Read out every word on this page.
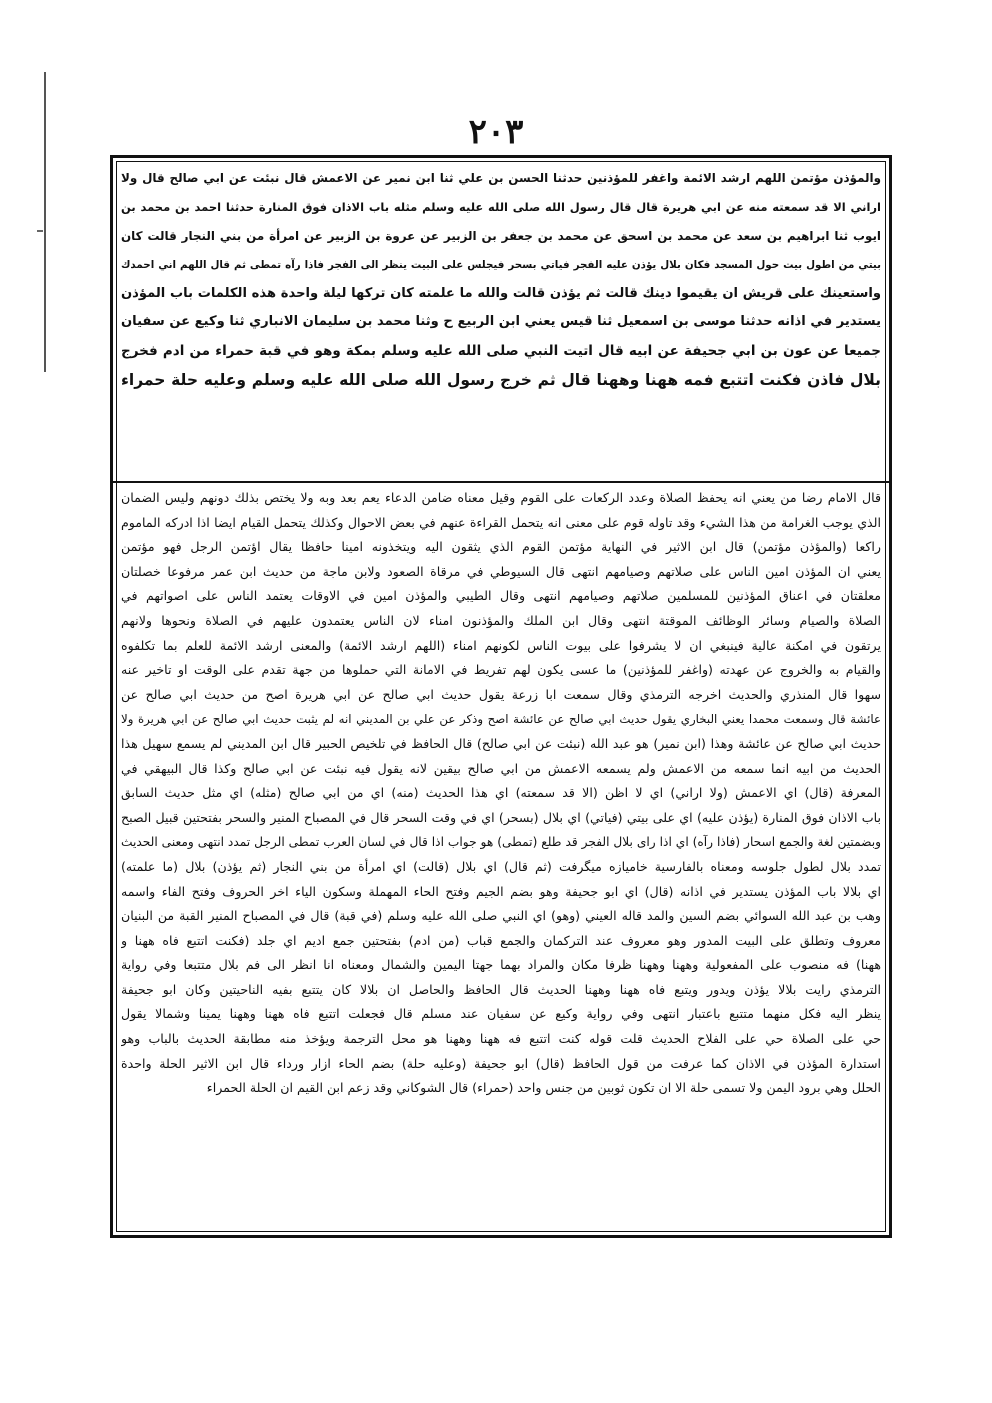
۲۰۳
والمؤذن مؤتمن اللهم ارشد الائمة واغفر للمؤذنين حدثنا الحسن بن علي ثنا ابن نمير عن الاعمش قال نبئت عن ابي صالح قال ولا
اراني الا قد سمعته منه عن ابي هريرة قال قال رسول الله صلى الله عليه وسلم مثله باب الاذان فوق المنارة حدثنا احمد بن محمد بن
ايوب ثنا ابراهيم بن سعد عن محمد بن اسحق عن محمد بن جعفر بن الزبير عن عروة بن الزبير عن امرأة من بني النجار قالت كان
بيتي من اطول بيت حول المسجد فكان بلال يؤذن عليه الفجر فياتي بسحر فيجلس على البيت ينظر الى الفجر فاذا رآه تمطى ثم قال اللهم اني احمدك
واستعينك على قريش ان يقيموا دينك قالت ثم يؤذن قالت والله ما علمته كان تركها ليلة واحدة هذه الكلمات باب المؤذن
يستدير في اذانه حدثنا موسى بن اسمعيل ثنا قيس يعني ابن الربيع ح وثنا محمد بن سليمان الانباري ثنا وكيع عن سفيان
جميعا عن عون بن ابي جحيفة عن ابيه قال اتيت النبي صلى الله عليه وسلم بمكة وهو في قبة حمراء من ادم فخرج
بلال فاذن فكنت اتتبع فمه ههنا وههنا قال ثم خرج رسول الله صلى الله عليه وسلم وعليه حلة حمراء
قال الامام رضا من يعني انه يحفظ الصلاة وعدد الركعات على القوم وقيل معناه ضامن الدعاء يعم بعد وبه ولا يختص بذلك دونهم وليس الضمان
الذي يوجب الغرامة من هذا الشيء وقد تاوله قوم على معنى انه يتحمل القراءة عنهم في بعض الاحوال وكذلك يتحمل القيام ايضا اذا ادركه الماموم
راكعا (والمؤذن مؤتمن) قال ابن الاثير في النهاية مؤتمن القوم الذي يثقون اليه ويتخذونه امينا حافظا يقال اؤتمن الرجل فهو مؤتمن
يعني ان المؤذن امين الناس على صلاتهم وصيامهم انتهى قال السيوطي في مرقاة الصعود ولابن ماجة من حديث ابن عمر مرفوعا خصلتان
معلقتان في اعناق المؤذنين للمسلمين صلاتهم وصيامهم انتهى وقال الطيبي والمؤذن امين في الاوقات يعتمد الناس على اصواتهم في
الصلاة والصيام وسائر الوظائف الموقتة انتهى وقال ابن الملك والمؤذنون امناء لان الناس يعتمدون عليهم في الصلاة ونحوها ولانهم
يرتقون في امكنة عالية فينبغي ان لا يشرفوا على بيوت الناس لكونهم امناء (اللهم ارشد الائمة) والمعنى ارشد الائمة للعلم بما تكلفوه
والقيام به والخروج عن عهدته (واغفر للمؤذنين) ما عسى يكون لهم تفريط في الامانة التي حملوها من جهة تقدم على الوقت او تاخير عنه
سهوا قال المنذري والحديث اخرجه الترمذي وقال سمعت ابا زرعة يقول حديث ابي صالح عن ابي هريرة اصح من حديث ابي صالح عن
عائشة قال وسمعت محمدا يعني البخاري يقول حديث ابي صالح عن عائشة اصح وذكر عن علي بن المديني انه لم يثبت حديث ابي صالح عن ابي هريرة ولا
حديث ابي صالح عن عائشة وهذا (ابن نمير) هو عبد الله (نبئت عن ابي صالح) قال الحافظ في تلخيص الحبير قال ابن المديني لم يسمع سهيل هذا
الحديث من ابيه انما سمعه من الاعمش ولم يسمعه الاعمش من ابي صالح بيقين لانه يقول فيه نبئت عن ابي صالح وكذا قال البيهقي في
المعرفة (قال) اي الاعمش (ولا اراني) اي لا اظن (الا قد سمعته) اي هذا الحديث (منه) اي من ابي صالح (مثله) اي مثل حديث السابق
باب الاذان فوق المنارة (يؤذن عليه) اي على بيتي (فياتي) اي بلال (بسحر) اي في وقت السحر قال في المصباح المنير والسحر بفتحتين قبيل الصبح
وبضمتين لغة والجمع اسحار (فاذا رآه) اي اذا راى بلال الفجر قد طلع (تمطى) هو جواب اذا قال في لسان العرب تمطى الرجل تمدد انتهى ومعنى الحديث
تمدد بلال لطول جلوسه ومعناه بالفارسية خاميازه ميگرفت (ثم قال) اي بلال (قالت) اي امرأة من بني النجار (ثم يؤذن) بلال (ما علمته)
اي بلالا باب المؤذن يستدير في اذانه (قال) اي ابو جحيفة وهو بضم الجيم وفتح الحاء المهملة وسكون الياء اخر الحروف وفتح الفاء واسمه
وهب بن عبد الله السوائي بضم السين والمد قاله العيني (وهو) اي النبي صلى الله عليه وسلم (في قبة) قال في المصباح المنير القبة من البنيان
معروف وتطلق على البيت المدور وهو معروف عند التركمان والجمع قباب (من ادم) بفتحتين جمع اديم اي جلد (فكنت اتتبع فاه ههنا و
ههنا) فه منصوب على المفعولية وههنا وههنا ظرفا مكان والمراد بهما جهتا اليمين والشمال ومعناه انا انظر الى فم بلال متتبعا وفي رواية
الترمذي رايت بلالا يؤذن ويدور ويتبع فاه ههنا وههنا الحديث قال الحافظ والحاصل ان بلالا كان يتتبع بفيه الناحيتين وكان ابو جحيفة
ينظر اليه فكل منهما متتبع باعتبار انتهى وفي رواية وكيع عن سفيان عند مسلم قال فجعلت اتتبع فاه ههنا وههنا يمينا وشمالا يقول
حي على الصلاة حي على الفلاح الحديث قلت قوله كنت اتتبع فه ههنا وههنا هو محل الترجمة ويؤخذ منه مطابقة الحديث بالباب وهو
استدارة المؤذن في الاذان كما عرفت من قول الحافظ (قال) ابو جحيفة (وعليه حلة) بضم الحاء ازار ورداء قال ابن الاثير الحلة واحدة
الحلل وهي برود اليمن ولا تسمى حلة الا ان تكون ثوبين من جنس واحد (حمراء) قال الشوكاني وقد زعم ابن القيم ان الحلة الحمراء
